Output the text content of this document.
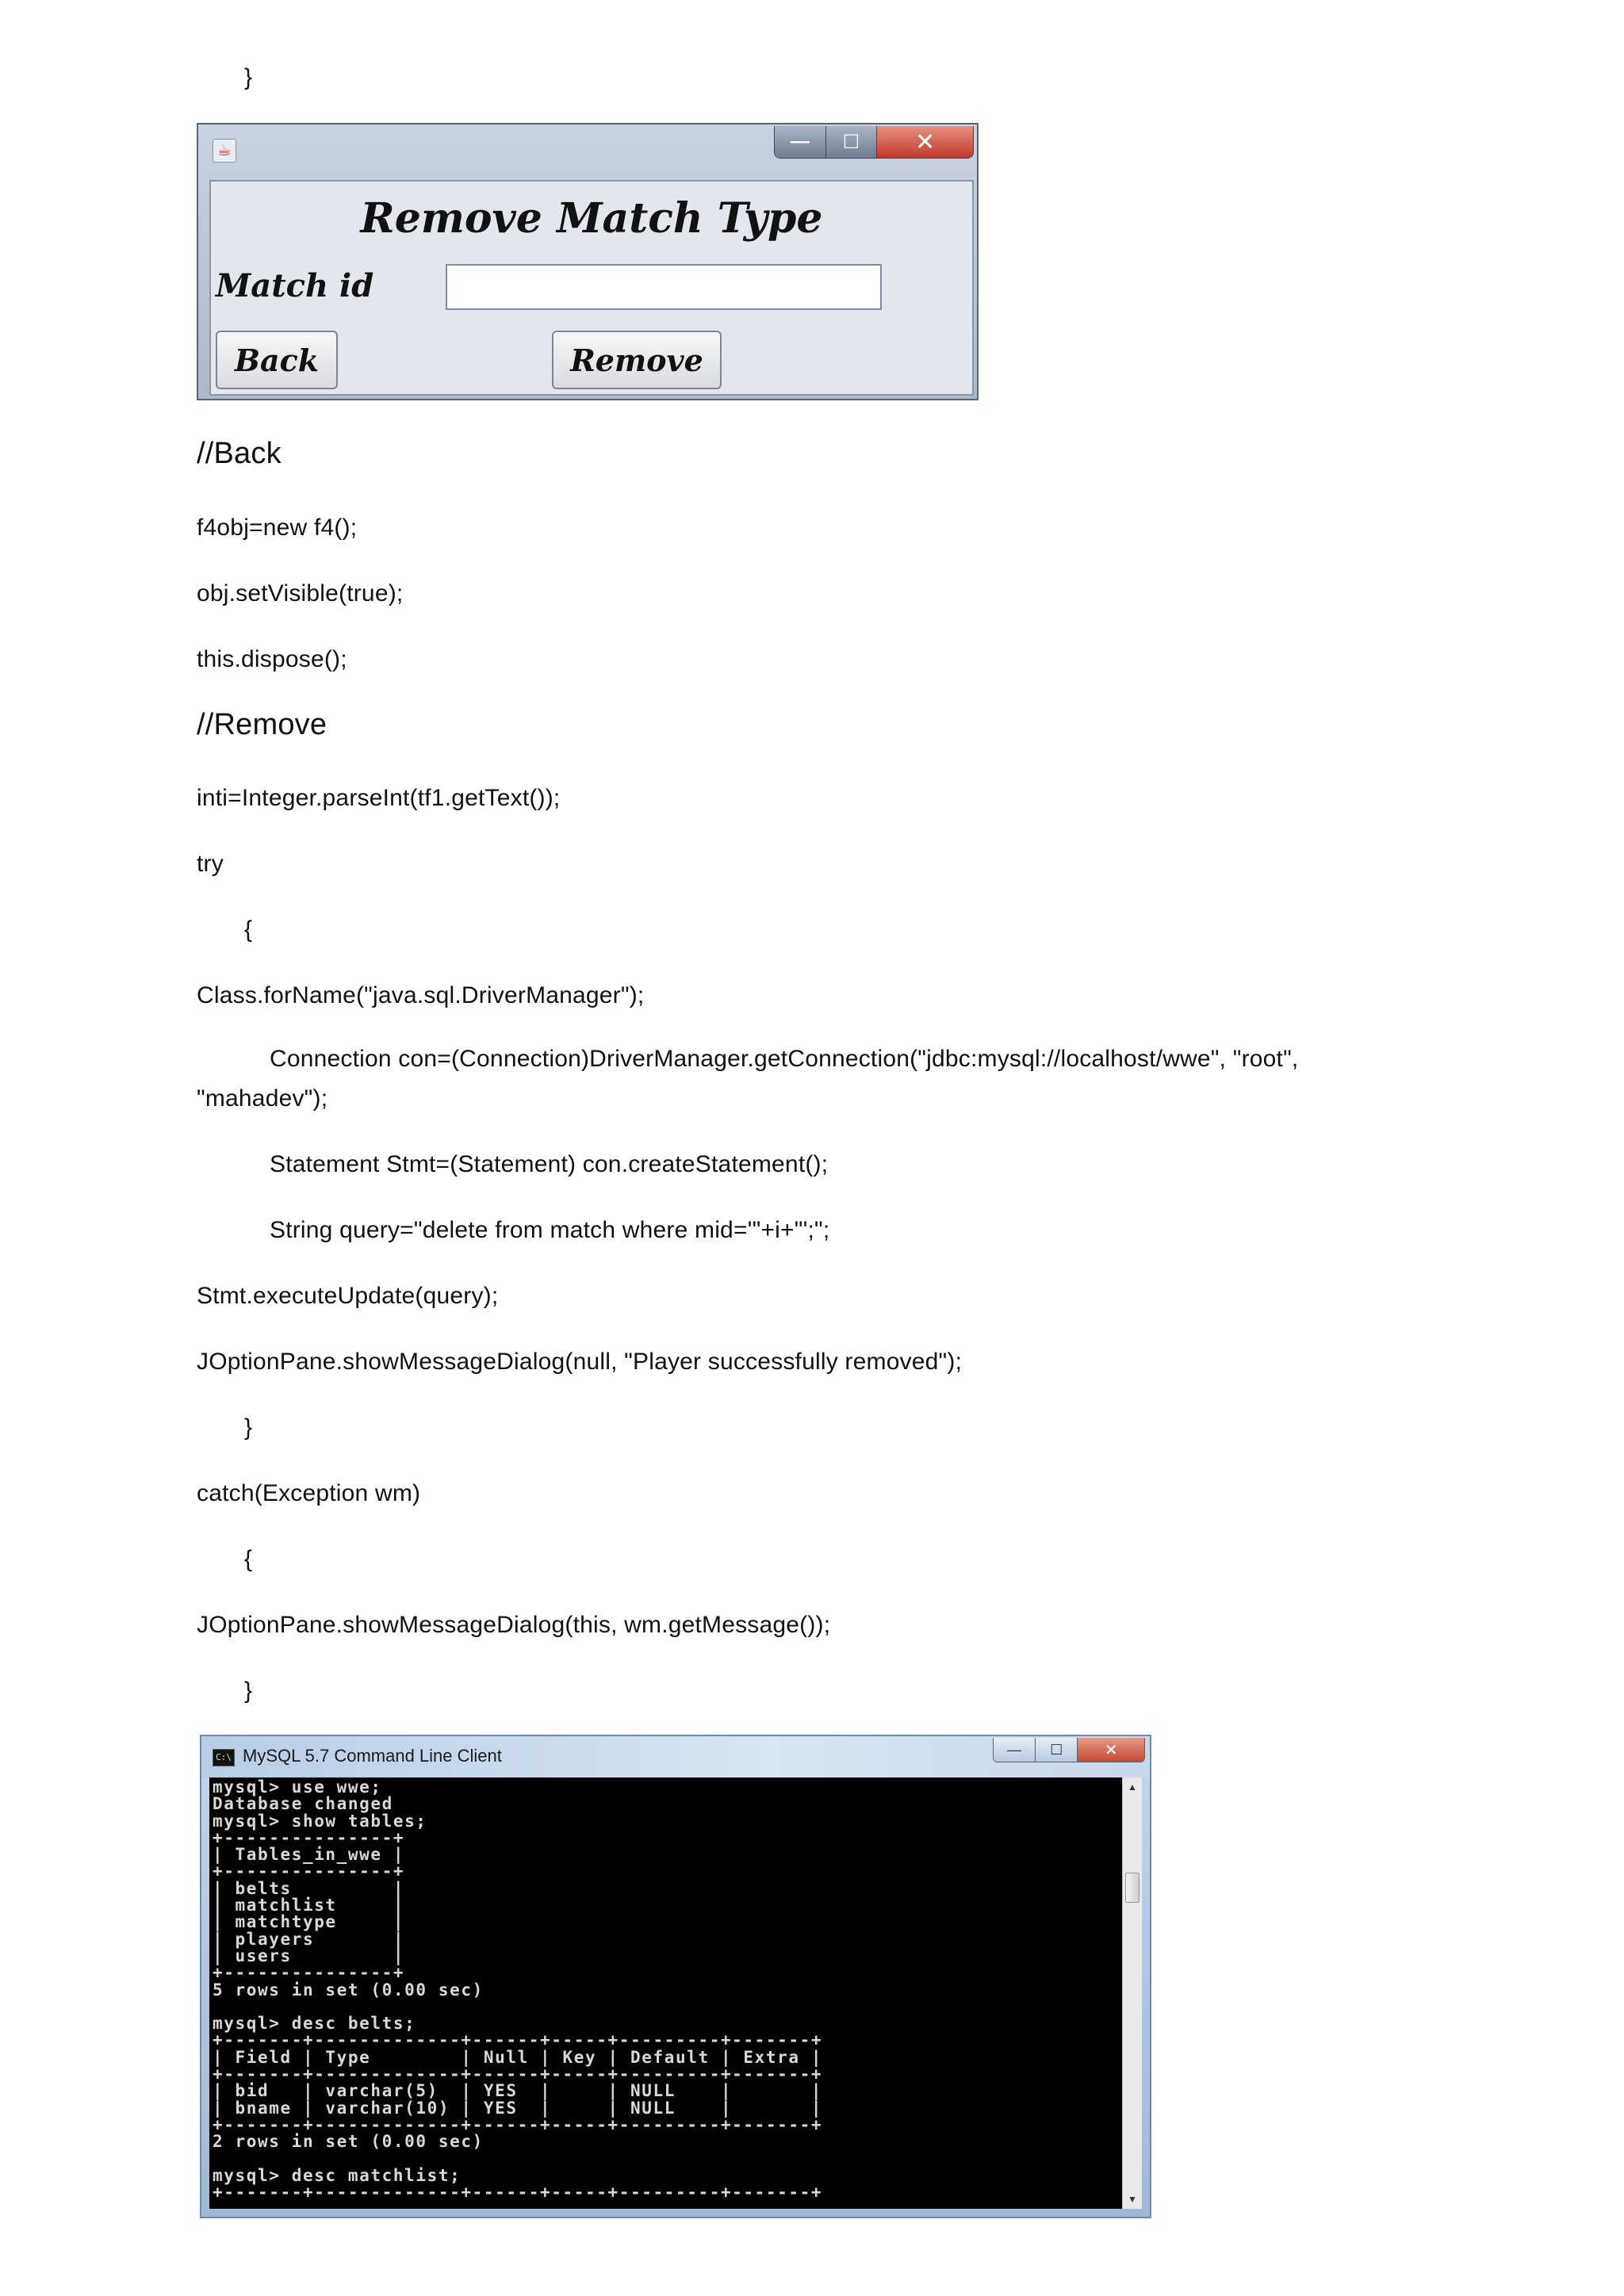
}
☕	—	☐	✕
Remove Match Type
Match id
Back	Remove
//Back
f4obj=new f4();
obj.setVisible(true);
this.dispose();
//Remove
inti=Integer.parseInt(tf1.getText());
try
{
Class.forName("java.sql.DriverManager");
Connection con=(Connection)DriverManager.getConnection("jdbc:mysql://localhost/wwe", "root",
"mahadev");
Statement Stmt=(Statement) con.createStatement();
String query="delete from match where mid='"+i+"';";
Stmt.executeUpdate(query);
JOptionPane.showMessageDialog(null, "Player successfully removed");
}
catch(Exception wm)
{
JOptionPane.showMessageDialog(this, wm.getMessage());
}
C:\ MySQL 5.7 Command Line Client	—	☐	✕
mysql> use wwe;
Database changed
mysql> show tables;
+---------------+
| Tables_in_wwe |
+---------------+
| belts         |
| matchlist     |
| matchtype     |
| players       |
| users         |
+---------------+
5 rows in set (0.00 sec)

mysql> desc belts;
+-------+-------------+------+-----+---------+-------+
| Field | Type        | Null | Key | Default | Extra |
+-------+-------------+------+-----+---------+-------+
| bid   | varchar(5)  | YES  |     | NULL    |       |
| bname | varchar(10) | YES  |     | NULL    |       |
+-------+-------------+------+-----+---------+-------+
2 rows in set (0.00 sec)

mysql> desc matchlist;
+-------+-------------+------+-----+---------+-------+
▲
▼
